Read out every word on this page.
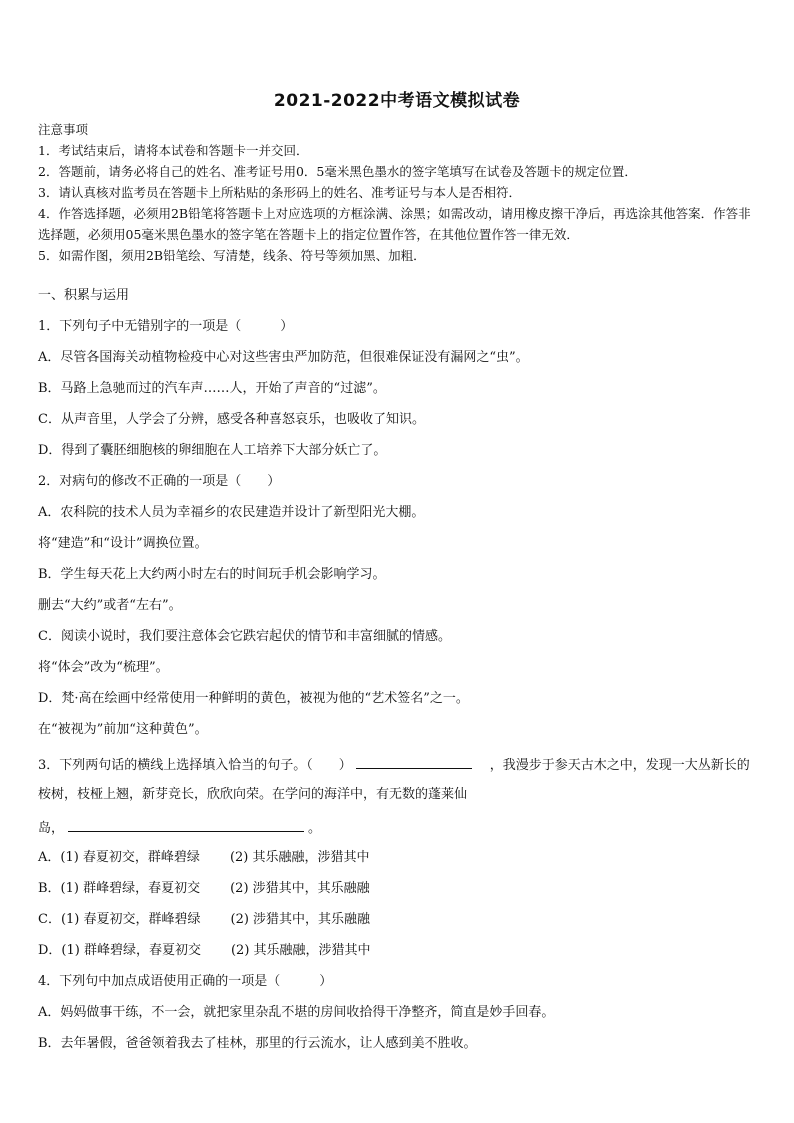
2021-2022中考语文模拟试卷
注意事项
1．考试结束后，请将本试卷和答题卡一并交回．
2．答题前，请务必将自己的姓名、准考证号用0．5毫米黑色墨水的签字笔填写在试卷及答题卡的规定位置．
3．请认真核对监考员在答题卡上所粘贴的条形码上的姓名、准考证号与本人是否相符．
4．作答选择题，必须用2B铅笔将答题卡上对应选项的方框涂满、涂黑；如需改动，请用橡皮擦干净后，再选涂其他答案．作答非选择题，必须用05毫米黑色墨水的签字笔在答题卡上的指定位置作答，在其他位置作答一律无效．
5．如需作图，须用2B铅笔绘、写清楚，线条、符号等须加黑、加粗．
一、积累与运用
1．下列句子中无错别字的一项是（　　　）
A．尽管各国海关动植物检疫中心对这些害虫严加防范，但很难保证没有漏网之“虫”。
B．马路上急驰而过的汽车声……人，开始了声音的“过滤”。
C．从声音里，人学会了分辨，感受各种喜怒哀乐，也吸收了知识。
D．得到了囊胚细胞核的卵细胞在人工培养下大部分妖亡了。
2．对病句的修改不正确的一项是（　　）
A．农科院的技术人员为幸福乡的农民建造并设计了新型阳光大棚。
将“建造”和“设计”调换位置。
B．学生每天花上大约两小时左右的时间玩手机会影响学习。
删去“大约”或者“左右”。
C．阅读小说时，我们要注意体会它跌宕起伏的情节和丰富细腻的情感。
将“体会”改为“梳理”。
D．梵·高在绘画中经常使用一种鲜明的黄色，被视为他的“艺术签名”之一。
在“被视为”前加“这种黄色”。
3．下列两句话的横线上选择填入恰当的句子。（　　）	，我漫步于参天古木之中，发现一大丛新长的桉树，枝桠上翘，新芽竞长，欣欣向荣。在学问的海洋中，有无数的蓬莱仙
岛，	。
A．(1) 春夏初交，群峰碧绿 (2) 其乐融融，涉猎其中
B．(1) 群峰碧绿，春夏初交 (2) 涉猎其中，其乐融融
C．(1) 春夏初交，群峰碧绿 (2) 涉猎其中，其乐融融
D．(1) 群峰碧绿，春夏初交 (2) 其乐融融，涉猎其中
4．下列句中加点成语使用正确的一项是（　　　）
A．妈妈做事干练，不一会，就把家里杂乱不堪的房间收拾得干净整齐，简直是妙手回春。
B．去年暑假，爸爸领着我去了桂林，那里的行云流水，让人感到美不胜收。
